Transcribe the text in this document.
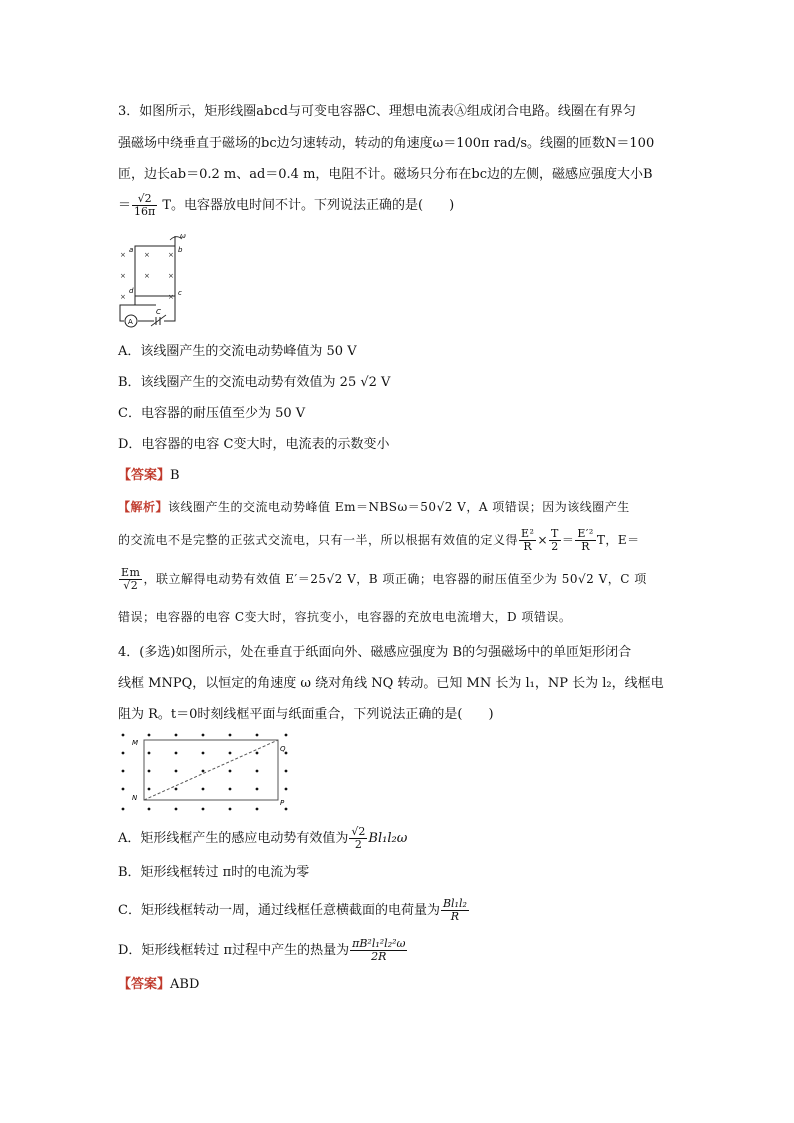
3．如图所示，矩形线圈abcd与可变电容器C、理想电流表Ⓐ组成闭合电路。线圈在有界匀
强磁场中绕垂直于磁场的bc边匀速转动，转动的角速度ω＝100π rad/s。线圈的匝数N＝100
匝，边长ab＝0.2 m、ad＝0.4 m，电阻不计。磁场只分布在bc边的左侧，磁感应强度大小B
＝ $\frac{√2}{16\pi}$ T。电容器放电时间不计。下列说法正确的是(　　)
×
×
×
×
×
×
×
×
ω
a	b
c
d
C
A
A．该线圈产生的交流电动势峰值为 50 V
B．该线圈产生的交流电动势有效值为 25 √2 V
C．电容器的耐压值至少为 50 V
D．电容器的电容 C变大时，电流表的示数变小
【答案】B
【解析】该线圈产生的交流电动势峰值 Em＝NBSω＝50√2 V，A 项错误；因为该线圈产生
的交流电不是完整的正弦式交流电，只有一半，所以根据有效值的定义得 $\frac{\text{E²}}{R} \times \frac{T}{2} = \frac{\text{E′²}}{R}$ T，E＝
$\frac{Em}{√2}$ ，联立解得电动势有效值 E′＝25√2 V，B 项正确；电容器的耐压值至少为 50√2 V，C 项
错误；电容器的电容 C变大时，容抗变小，电容器的充放电电流增大，D 项错误。
4．(多选)如图所示，处在垂直于纸面向外、磁感应强度为 B的匀强磁场中的单匝矩形闭合
线框 MNPQ，以恒定的角速度 ω 绕对角线 NQ 转动。已知 MN 长为 l₁，NP 长为 l₂，线框电
阻为 R。t＝0时刻线框平面与纸面重合，下列说法正确的是(　　)
M
N
P
Q
A．矩形线框产生的感应电动势有效值为 $\frac{√2}{2} Bl_1l_2\omega$
B．矩形线框转过 π时的电流为零
C．矩形线框转动一周，通过线框任意横截面的电荷量为 $\frac{\text{Bl₁l₂}}{R}$
D．矩形线框转过 π过程中产生的热量为 $\frac{\text{πB²l₁²l₂²ω}}{2R}$
【答案】ABD
